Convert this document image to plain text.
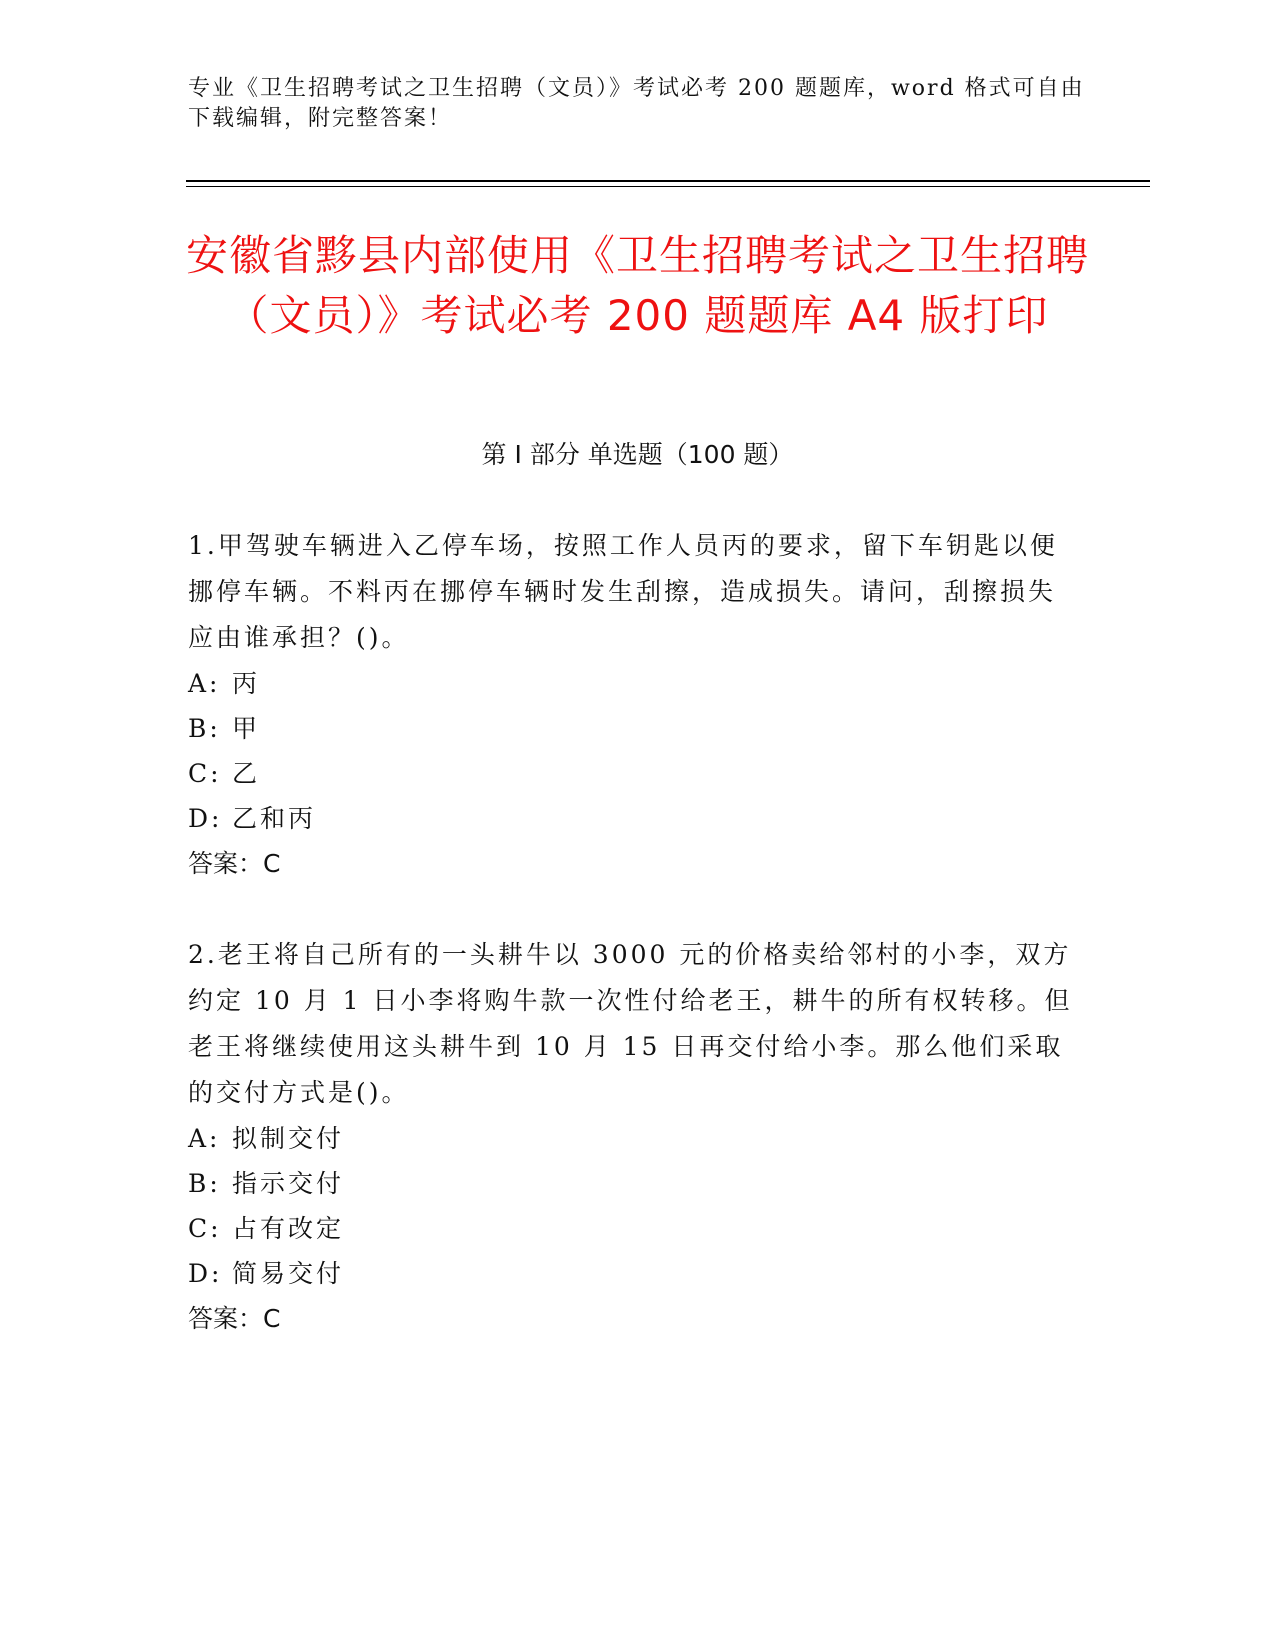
专业《卫生招聘考试之卫生招聘（文员）》考试必考 200 题题库，word 格式可自由下载编辑，附完整答案！
安徽省黟县内部使用《卫生招聘考试之卫生招聘（文员）》考试必考 200 题题库 A4 版打印
第 I 部分 单选题（100 题）

1.甲驾驶车辆进入乙停车场，按照工作人员丙的要求，留下车钥匙以便挪停车辆。不料丙在挪停车辆时发生刮擦，造成损失。请问，刮擦损失应由谁承担？()。

A: 丙
B: 甲
C: 乙
D: 乙和丙

答案：C

2.老王将自己所有的一头耕牛以 3000 元的价格卖给邻村的小李，双方约定 10 月 1 日小李将购牛款一次性付给老王，耕牛的所有权转移。但老王将继续使用这头耕牛到 10 月 15 日再交付给小李。那么他们采取的交付方式是()。

A: 拟制交付
B: 指示交付
C: 占有改定
D: 简易交付

答案：C
